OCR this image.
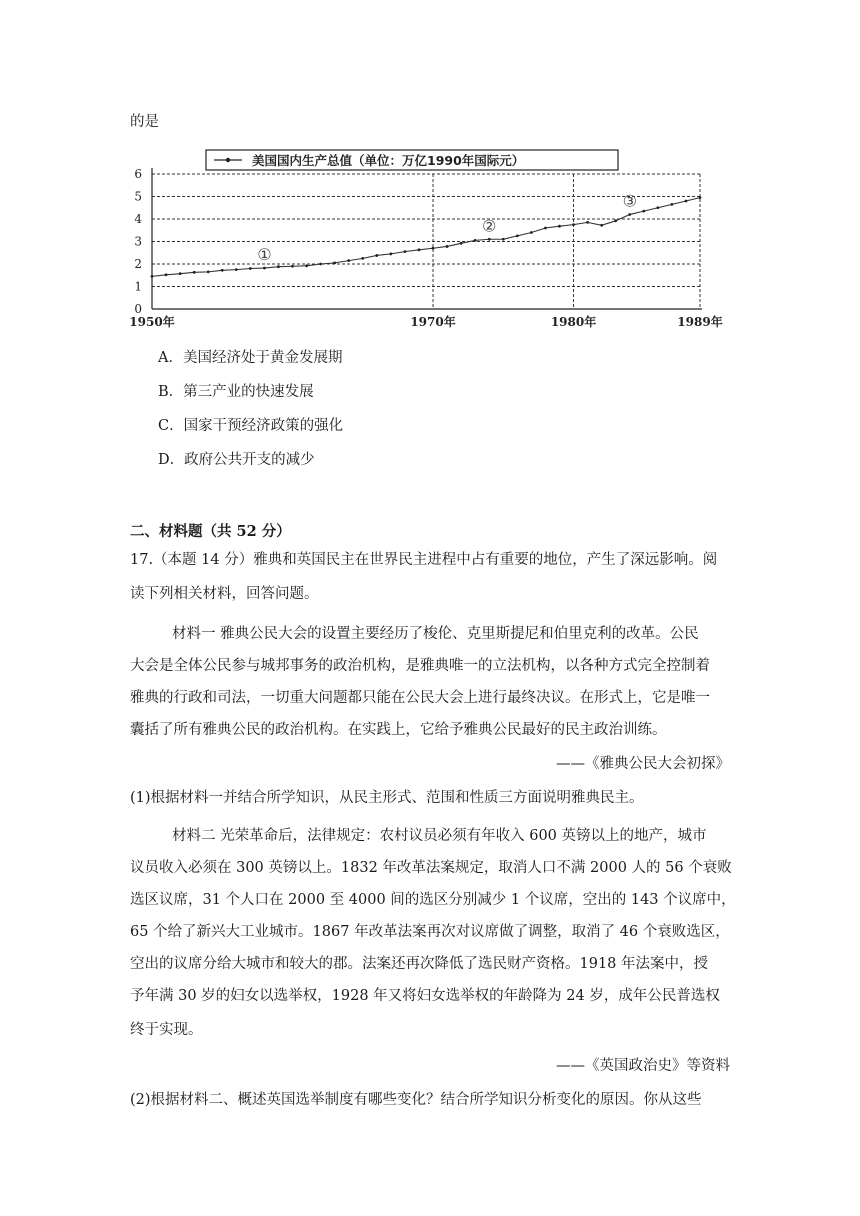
的是
美国国内生产总值（单位：万亿1990年国际元）
①
②
③
0
1
2
3
4
5
6
1950年	1970年	1980年	1989年
A．美国经济处于黄金发展期
B．第三产业的快速发展
C．国家干预经济政策的强化
D．政府公共开支的减少
二、材料题（共 52 分）
17.（本题 14 分）雅典和英国民主在世界民主进程中占有重要的地位，产生了深远影响。阅
读下列相关材料，回答问题。
材料一 雅典公民大会的设置主要经历了梭伦、克里斯提尼和伯里克利的改革。公民
大会是全体公民参与城邦事务的政治机构，是雅典唯一的立法机构，以各种方式完全控制着
雅典的行政和司法，一切重大问题都只能在公民大会上进行最终决议。在形式上，它是唯一
囊括了所有雅典公民的政治机构。在实践上，它给予雅典公民最好的民主政治训练。
——《雅典公民大会初探》
(1)根据材料一并结合所学知识，从民主形式、范围和性质三方面说明雅典民主。
材料二 光荣革命后，法律规定：农村议员必须有年收入 600 英镑以上的地产，城市
议员收入必须在 300 英镑以上。1832 年改革法案规定，取消人口不满 2000 人的 56 个衰败
选区议席，31 个人口在 2000 至 4000 间的选区分别减少 1 个议席，空出的 143 个议席中，
65 个给了新兴大工业城市。1867 年改革法案再次对议席做了调整，取消了 46 个衰败选区，
空出的议席分给大城市和较大的郡。法案还再次降低了选民财产资格。1918 年法案中，授
予年满 30 岁的妇女以选举权，1928 年又将妇女选举权的年龄降为 24 岁，成年公民普选权
终于实现。
——《英国政治史》等资料
(2)根据材料二、概述英国选举制度有哪些变化？结合所学知识分析变化的原因。你从这些
